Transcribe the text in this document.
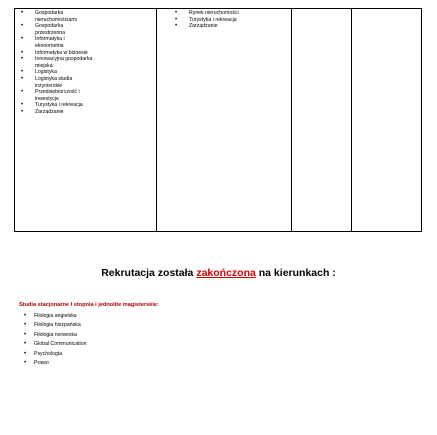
• Gospodarka
nieruchomościami
• Gospodarka
przestrzenna
• Informatyka i
ekonometria
• Informatyka w biznesie
• Innowacyjna gospodarka
miejska
• Logistyka
• Logistyka studia
inżynierskie
• Przedsiębiorczość i
inwestycje
• Turystyka i rekreacja
• Zarządzanie
• Rynek nieruchomości
• Turystyka i rekreacja
• Zarządzanie
Rekrutacja została zakończona na kierunkach :
Studia stacjonarne I stopnia i jednolite magisterskie:
• Filologia angielska
• Filologia hiszpańska
• Filologia norweska
• Global Communication
• Psychologia
• Prawo
